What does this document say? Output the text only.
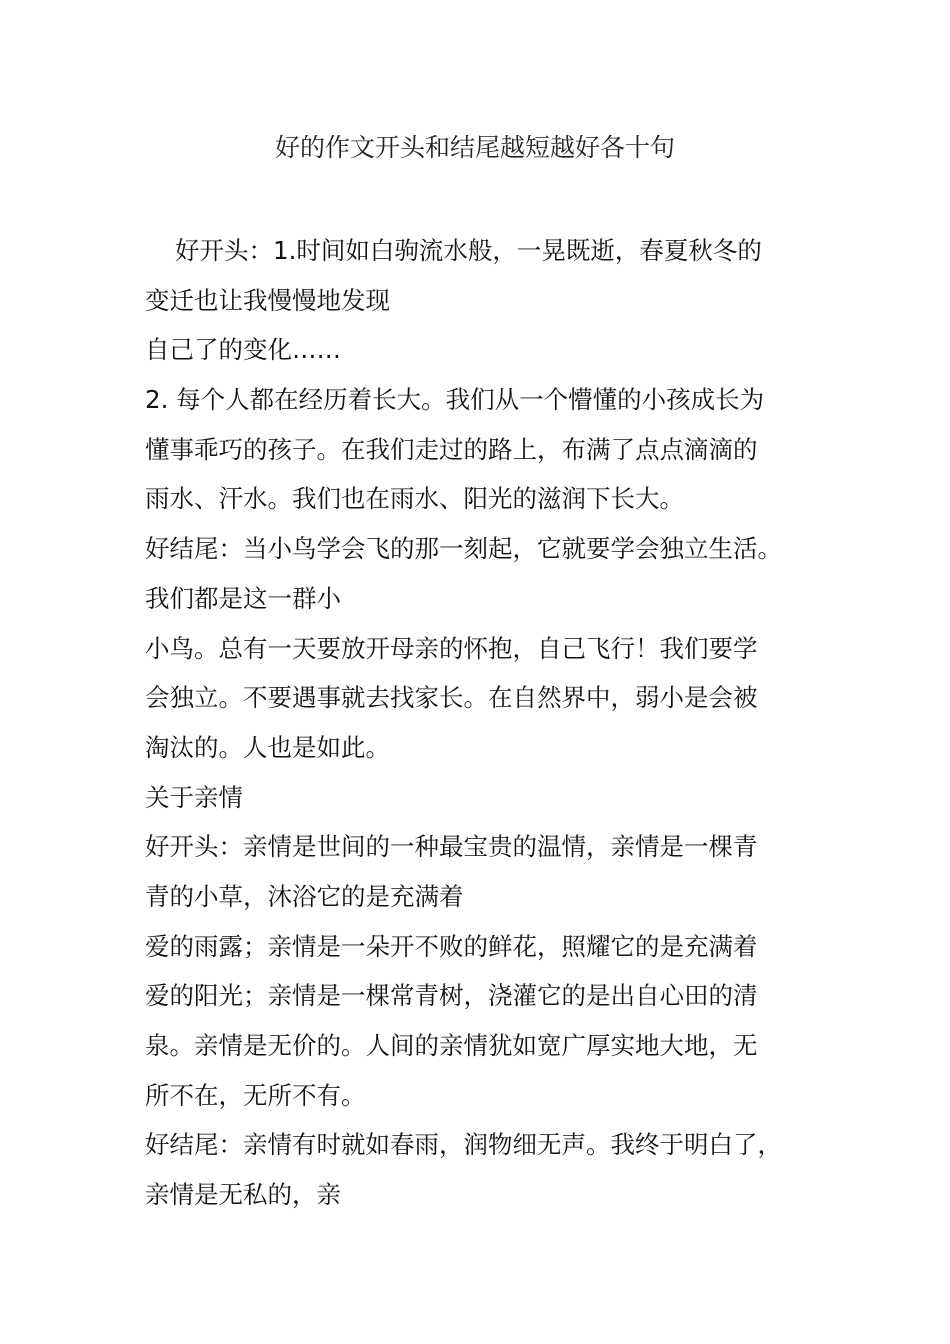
好的作文开头和结尾越短越好各十句

好开头：1.时间如白驹流水般，一晃既逝，春夏秋冬的

变迁也让我慢慢地发现

自己了的变化……

2. 每个人都在经历着长大。我们从一个懵懂的小孩成长为

懂事乖巧的孩子。在我们走过的路上，布满了点点滴滴的

雨水、汗水。我们也在雨水、阳光的滋润下长大。

好结尾：当小鸟学会飞的那一刻起，它就要学会独立生活。

我们都是这一群小

小鸟。总有一天要放开母亲的怀抱，自己飞行！我们要学

会独立。不要遇事就去找家长。在自然界中，弱小是会被

淘汰的。人也是如此。

关于亲情

好开头：亲情是世间的一种最宝贵的温情，亲情是一棵青

青的小草，沐浴它的是充满着

爱的雨露；亲情是一朵开不败的鲜花，照耀它的是充满着

爱的阳光；亲情是一棵常青树，浇灌它的是出自心田的清

泉。亲情是无价的。人间的亲情犹如宽广厚实地大地，无

所不在，无所不有。

好结尾：亲情有时就如春雨，润物细无声。我终于明白了，

亲情是无私的，亲
